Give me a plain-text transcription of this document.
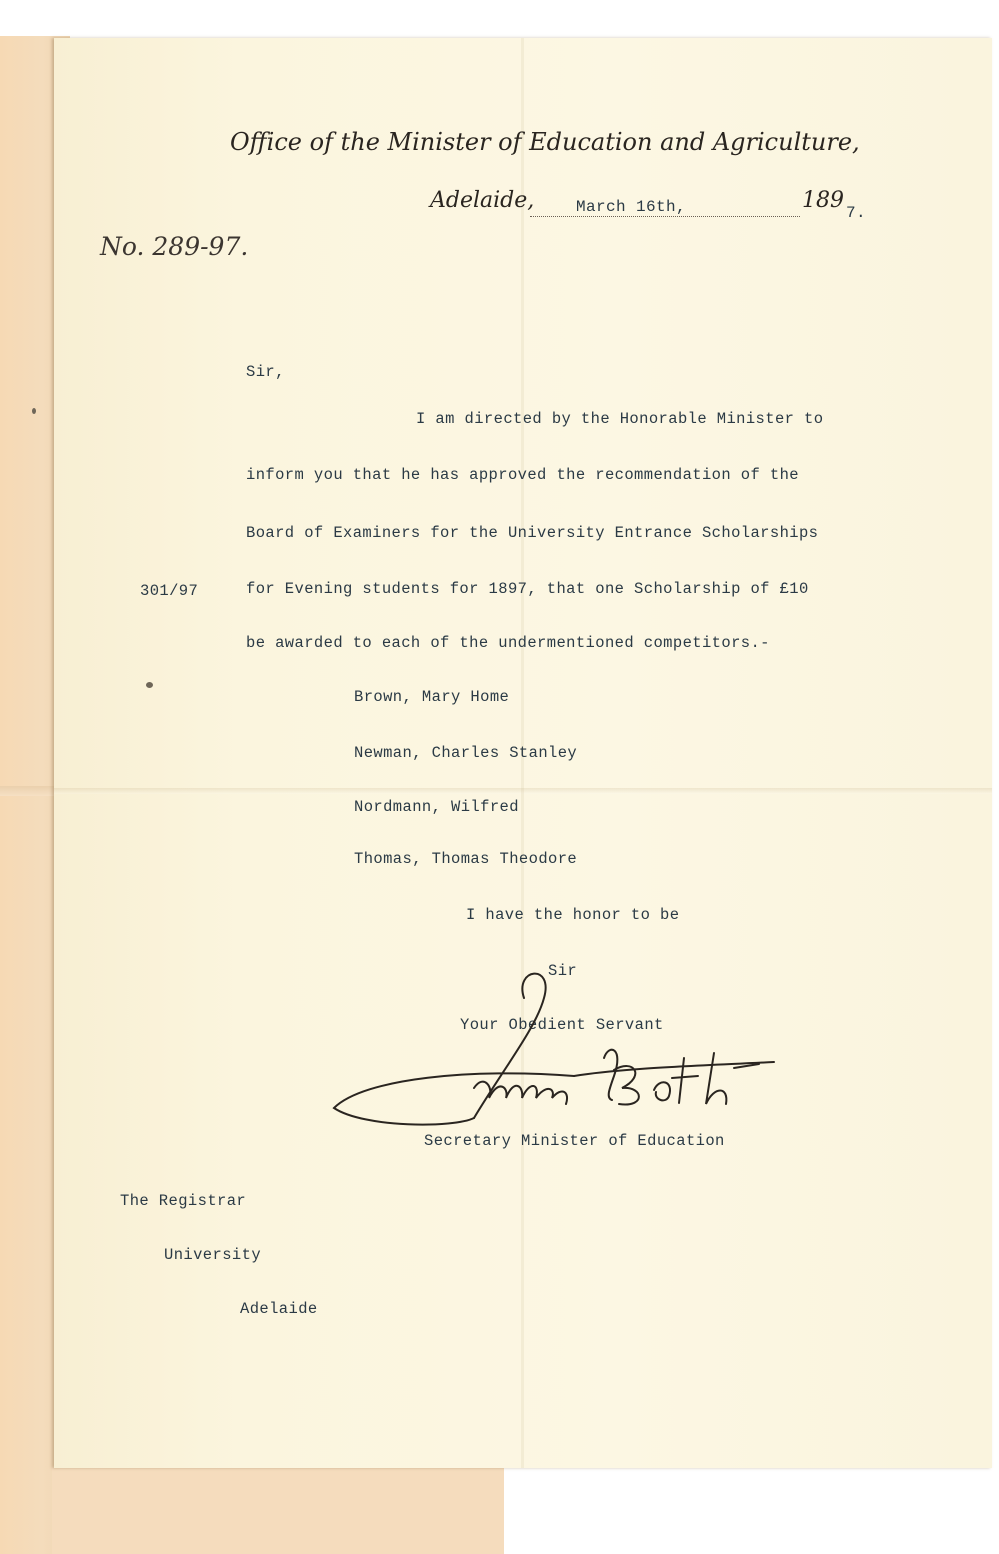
Office of the Minister of Education and Agriculture,
Adelaide,	March 16th,	189 7.
No. 289-97.
Sir,
I am directed by the Honorable Minister to
inform you that he has approved the recommendation of the
Board of Examiners for the University Entrance Scholarships
301/97	for Evening students for 1897, that one Scholarship of £10
be awarded to each of the undermentioned competitors.-
Brown, Mary Home
Newman, Charles Stanley
Nordmann, Wilfred
Thomas, Thomas Theodore
I have the honor to be
Sir
Your Obedient Servant
Secretary Minister of Education
The Registrar
University
Adelaide
